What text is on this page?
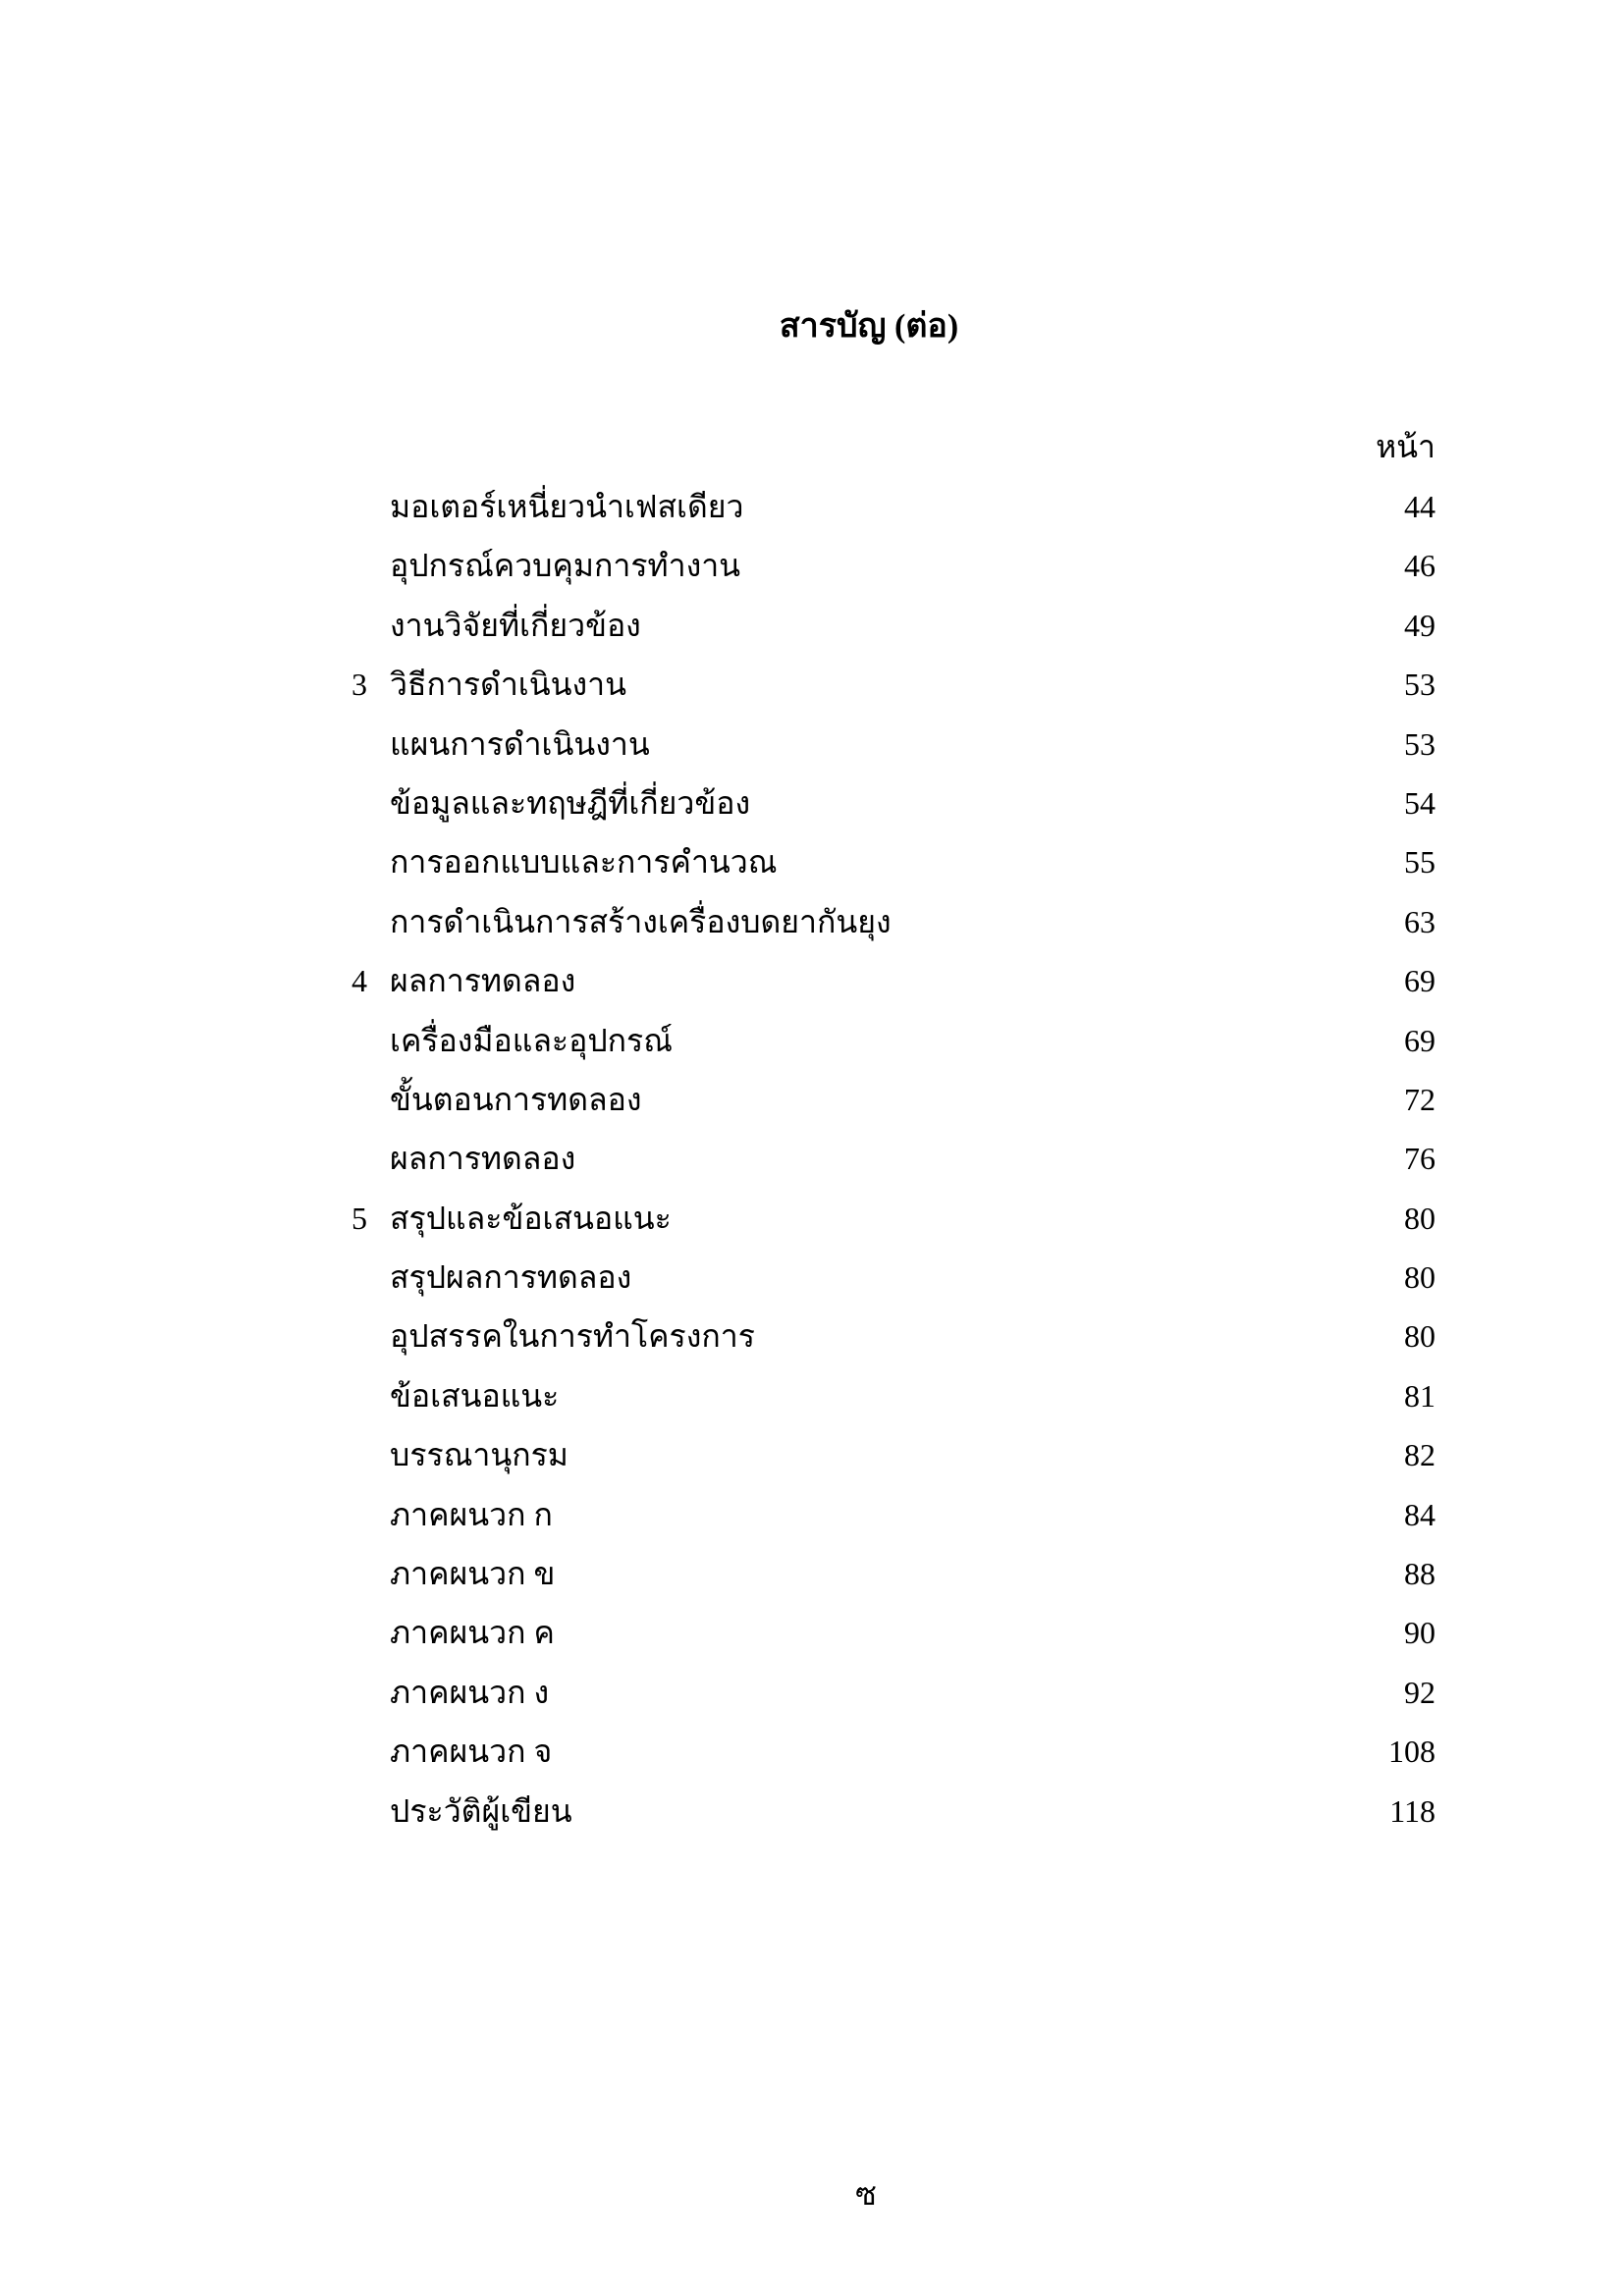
สารบัญ (ต่อ)
หน้า
มอเตอร์เหนี่ยวนำเฟสเดียว	44
อุปกรณ์ควบคุมการทำงาน	46
งานวิจัยที่เกี่ยวข้อง	49
3 วิธีการดำเนินงาน	53
แผนการดำเนินงาน	53
ข้อมูลและทฤษฎีที่เกี่ยวข้อง	54
การออกแบบและการคำนวณ	55
การดำเนินการสร้างเครื่องบดยากันยุง	63
4 ผลการทดลอง	69
เครื่องมือและอุปกรณ์	69
ขั้นตอนการทดลอง	72
ผลการทดลอง	76
5 สรุปและข้อเสนอแนะ	80
สรุปผลการทดลอง	80
อุปสรรคในการทำโครงการ	80
ข้อเสนอแนะ	81
บรรณานุกรม	82
ภาคผนวก ก	84
ภาคผนวก ข	88
ภาคผนวก ค	90
ภาคผนวก ง	92
ภาคผนวก จ	108
ประวัติผู้เขียน	118
ซ
